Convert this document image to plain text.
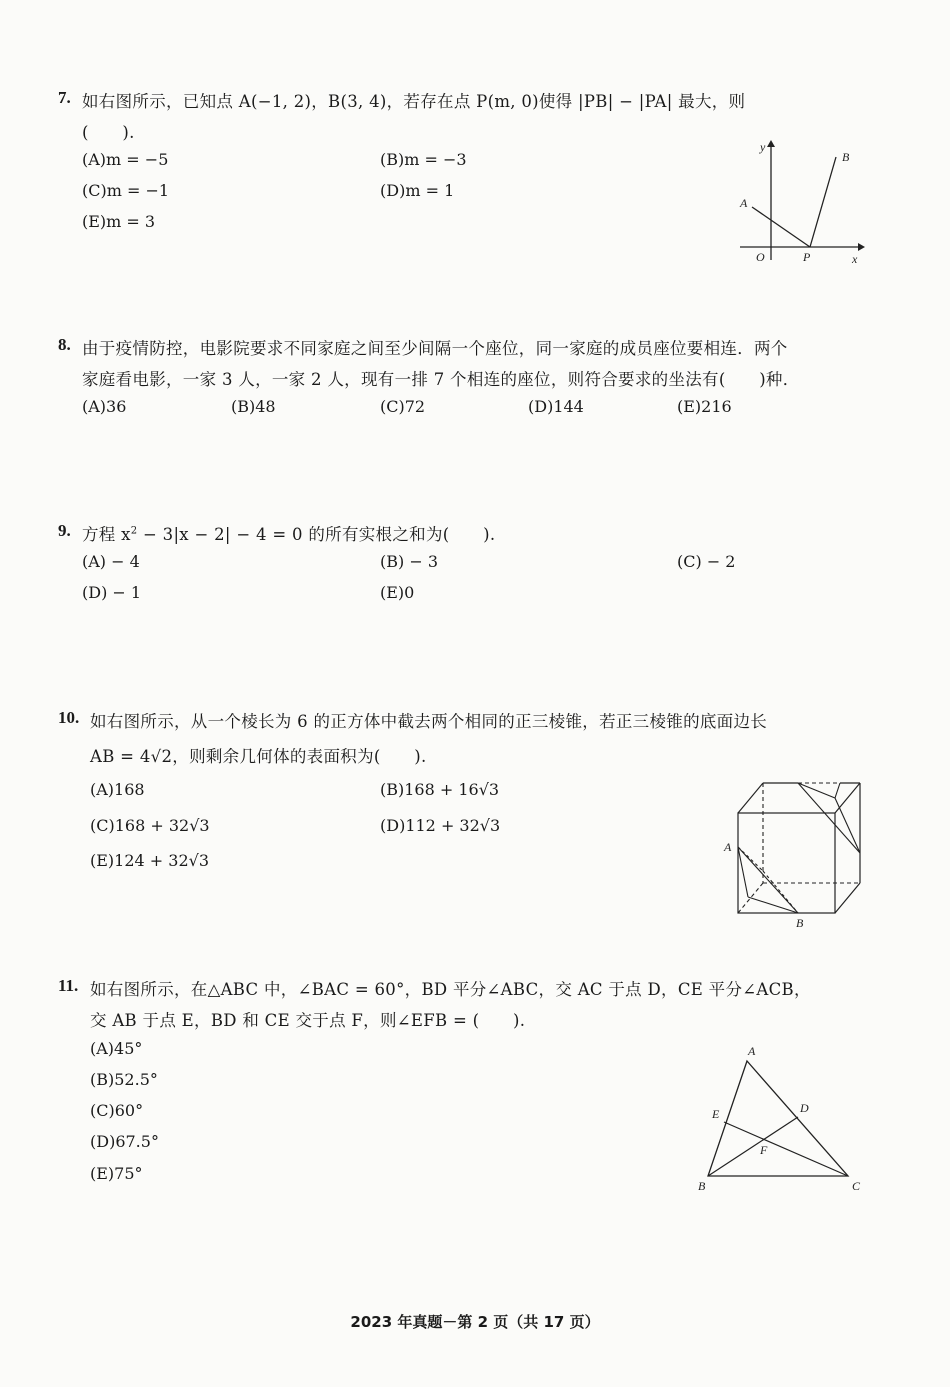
7. 如右图所示，已知点 A(−1, 2)，B(3, 4)，若存在点 P(m, 0)使得 |PB| − |PA| 最大，则
(　　).
(A)m = −5	(B)m = −3
(C)m = −1	(D)m = 1
(E)m = 3
y
B
A
O	P	x
8. 由于疫情防控，电影院要求不同家庭之间至少间隔一个座位，同一家庭的成员座位要相连．两个
家庭看电影，一家 3 人，一家 2 人，现有一排 7 个相连的座位，则符合要求的坐法有(　　)种．
(A)36	(B)48	(C)72	(D)144	(E)216
9. 方程 $x^2 - 3|x - 2| - 4 = 0$ 的所有实根之和为(　　).
(A) − 4	(B) − 3	(C) − 2
(D) − 1	(E)0
10. 如右图所示，从一个棱长为 6 的正方体中截去两个相同的正三棱锥，若正三棱锥的底面边长
AB = 4√2，则剩余几何体的表面积为(　　).
(A)168	(B)168 + 16√3
(C)168 + 32√3	(D)112 + 32√3
(E)124 + 32√3
A
B
11. 如右图所示，在△ABC 中，∠BAC = 60°，BD 平分∠ABC，交 AC 于点 D，CE 平分∠ACB，
交 AB 于点 E，BD 和 CE 交于点 F，则∠EFB = (　　).
(A)45°
(B)52.5°
(C)60°
(D)67.5°
(E)75°
A
D
E
F
B	C
2023 年真题－第 2 页（共 17 页）
